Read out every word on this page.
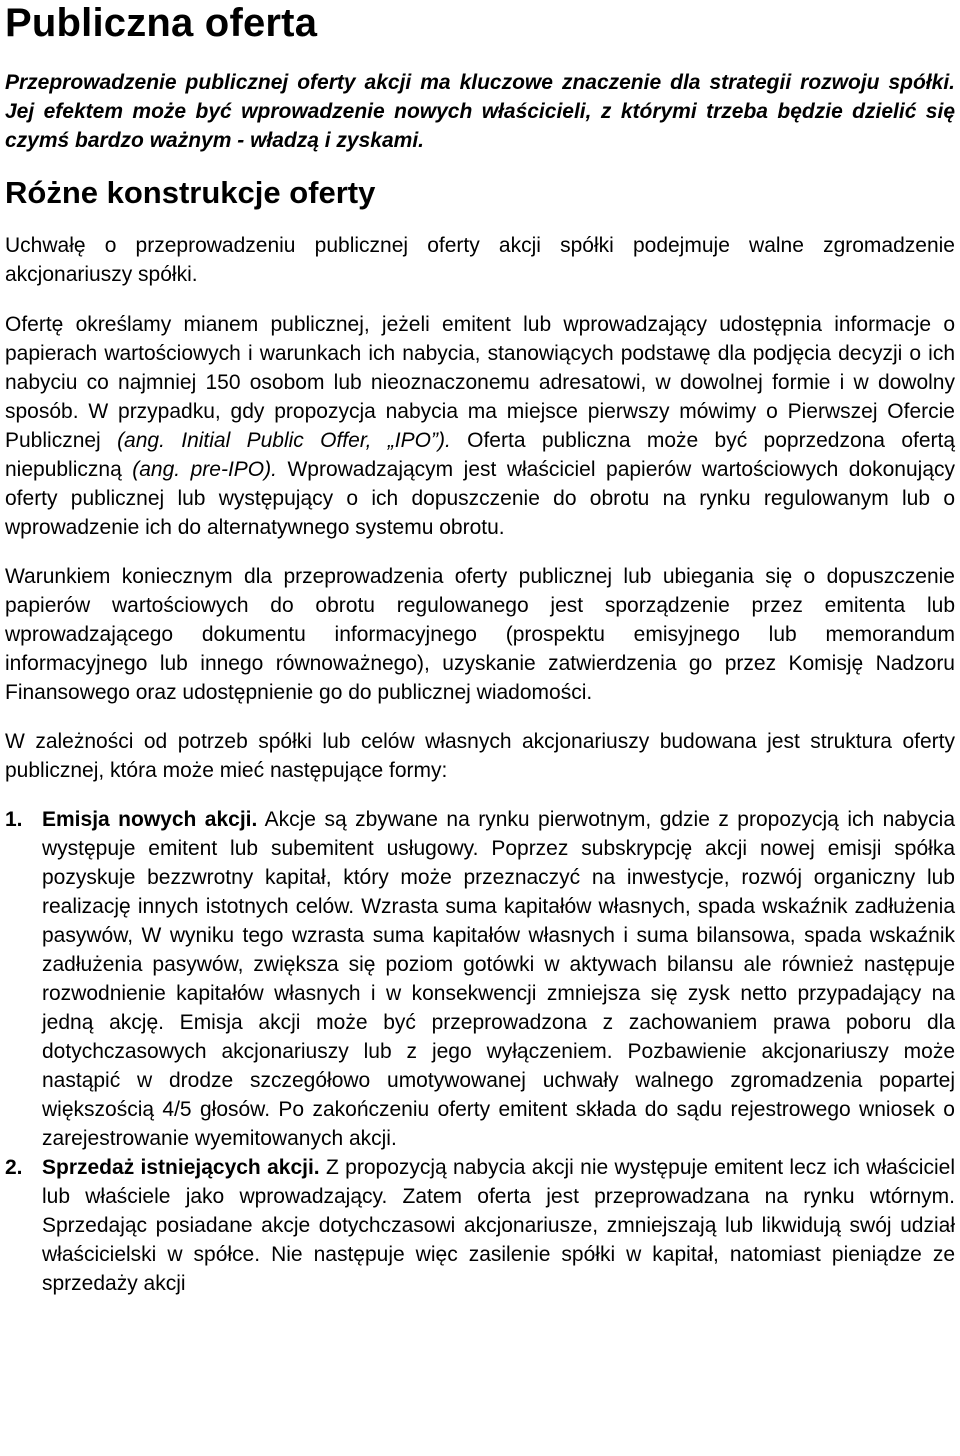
Publiczna oferta

Przeprowadzenie publicznej oferty akcji ma kluczowe znaczenie dla strategii rozwoju spółki. Jej efektem może być wprowadzenie nowych właścicieli, z którymi trzeba będzie dzielić się czymś bardzo ważnym - władzą i zyskami.

Różne konstrukcje oferty

Uchwałę o przeprowadzeniu publicznej oferty akcji spółki podejmuje walne zgromadzenie akcjonariuszy spółki.

Ofertę określamy mianem publicznej, jeżeli emitent lub wprowadzający udostępnia informacje o papierach wartościowych i warunkach ich nabycia, stanowiących podstawę dla podjęcia decyzji o ich nabyciu co najmniej 150 osobom lub nieoznaczonemu adresatowi, w dowolnej formie i w dowolny sposób. W przypadku, gdy propozycja nabycia ma miejsce pierwszy mówimy o Pierwszej Ofercie Publicznej (ang. Initial Public Offer, „IPO”). Oferta publiczna może być poprzedzona ofertą niepubliczną (ang. pre-IPO). Wprowadzającym jest właściciel papierów wartościowych dokonujący oferty publicznej lub występujący o ich dopuszczenie do obrotu na rynku regulowanym lub o wprowadzenie ich do alternatywnego systemu obrotu.

Warunkiem koniecznym dla przeprowadzenia oferty publicznej lub ubiegania się o dopuszczenie papierów wartościowych do obrotu regulowanego jest sporządzenie przez emitenta lub wprowadzającego dokumentu informacyjnego (prospektu emisyjnego lub memorandum informacyjnego lub innego równoważnego), uzyskanie zatwierdzenia go przez Komisję Nadzoru Finansowego oraz udostępnienie go do publicznej wiadomości.

W zależności od potrzeb spółki lub celów własnych akcjonariuszy budowana jest struktura oferty publicznej, która może mieć następujące formy:

1. Emisja nowych akcji. Akcje są zbywane na rynku pierwotnym, gdzie z propozycją ich nabycia występuje emitent lub subemitent usługowy. Poprzez subskrypcję akcji nowej emisji spółka pozyskuje bezzwrotny kapitał, który może przeznaczyć na inwestycje, rozwój organiczny lub realizację innych istotnych celów. Wzrasta suma kapitałów własnych, spada wskaźnik zadłużenia pasywów, W wyniku tego wzrasta suma kapitałów własnych i suma bilansowa, spada wskaźnik zadłużenia pasywów, zwiększa się poziom gotówki w aktywach bilansu ale również następuje rozwodnienie kapitałów własnych i w konsekwencji zmniejsza się zysk netto przypadający na jedną akcję. Emisja akcji może być przeprowadzona z zachowaniem prawa poboru dla dotychczasowych akcjonariuszy lub z jego wyłączeniem. Pozbawienie akcjonariuszy może nastąpić w drodze szczegółowo umotywowanej uchwały walnego zgromadzenia popartej większością 4/5 głosów. Po zakończeniu oferty emitent składa do sądu rejestrowego wniosek o zarejestrowanie wyemitowanych akcji.
2. Sprzedaż istniejących akcji. Z propozycją nabycia akcji nie występuje emitent lecz ich właściciel lub właściele jako wprowadzający. Zatem oferta jest przeprowadzana na rynku wtórnym. Sprzedając posiadane akcje dotychczasowi akcjonariusze, zmniejszają lub likwidują swój udział właścicielski w spółce. Nie następuje więc zasilenie spółki w kapitał, natomiast pieniądze ze sprzedaży akcji
